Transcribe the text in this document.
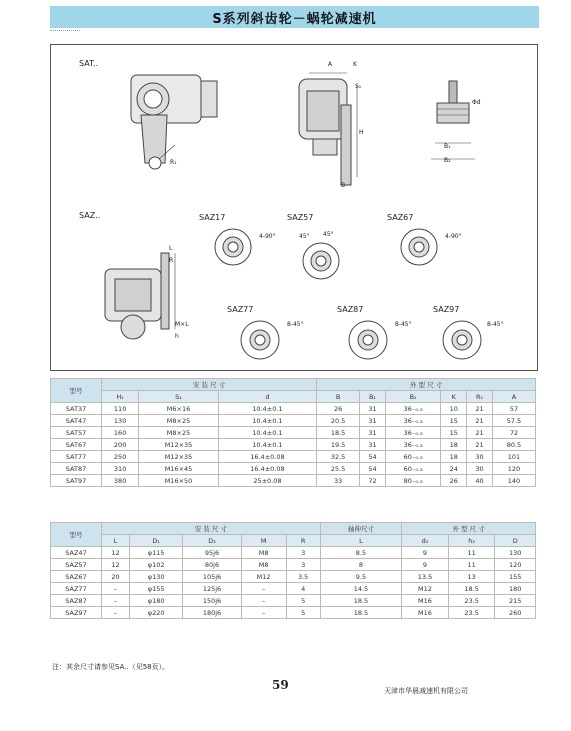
S系列斜齿轮－蜗轮减速机
SAT..
SAZ..
R₁
A	K
S₁
H
B
Φd
B₁
B₂
L
R
M×L
h
SAZ17
4-90°
SAZ57
45° 45°
SAZ67
4-90°
SAZ77
8-45°
SAZ87
8-45°
SAZ97
8-45°
型号	安 装 尺 寸			外 型 尺 寸					
	H₁	S₁	d	B	B₁	B₂	K	R₁	A
SAT37	110	M6×16	10.4±0.1	26	31	36₋₀.₃	10	21	57
SAT47	130	M8×25	10.4±0.1	20.5	31	36₋₀.₃	15	21	57.5
SAT57	160	M8×25	10.4±0.1	18.5	31	36₋₀.₃	15	21	72
SAT67	200	M12×35	10.4±0.1	19.5	31	36₋₀.₃	18	21	80.5
SAT77	250	M12×35	16.4±0.08	32.5	54	60₋₀.₃	18	30	101
SAT87	310	M16×45	16.4±0.08	25.5	54	60₋₀.₃	24	30	120
SAT97	380	M16×50	25±0.08	33	72	80₋₀.₃	26	40	140
型号	安 装 尺 寸					轴伸尺寸	外 型 尺 寸		
	L	D₁	D₂	M	R	L	d₂	h₂	D
SAZ47	12	φ115	95j6	M8	3	8.5	9	11	130
SAZ57	12	φ102	80j6	M8	3	8	9	11	120
SAZ67	20	φ130	105j6	M12	3.5	9.5	13.5	13	155
SAZ77	–	φ155	125j6	–	4	14.5	M12	18.5	180
SAZ87	–	φ180	150j6	–	5	18.5	M16	23.5	215
SAZ97	–	φ220	180j6	–	5	18.5	M16	23.5	260
注：其余尺寸请参见SA..（见58页）。
59	天津市华晨减速机有限公司
